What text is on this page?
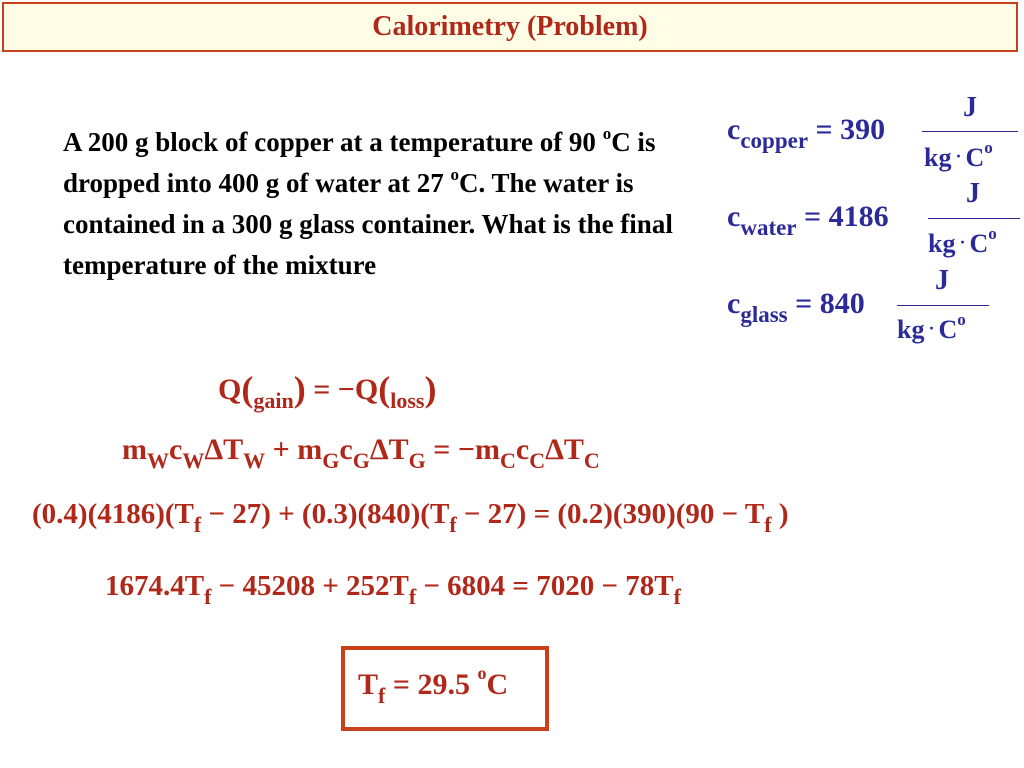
Calorimetry (Problem)
A 200 g block of copper at a temperature of 90 $^o$C is dropped into 400 g of water at 27 $^o$C. The water is contained in a 300 g glass container. What is the final temperature of the mixture
$c_{copper} = 390$
J
kg · $C^o$
$c_{water} = 4186$
J
kg · $C^o$
$c_{glass} = 840$
J
kg · $C^o$
$Q(_{gain}) = -Q(_{loss})$
$m_Wc_W\Delta T_W + m_Gc_G\Delta T_G = -m_Cc_C\Delta T_C$
$(0.4)(4186)(T_f - 27) + (0.3)(840)(T_f - 27) = (0.2)(390)(90 - T_f$ )
$1674.4T_f - 45208 + 252T_f - 6804 = 7020 - 78T_f$
$T_f = 29.5$ $^o$C
